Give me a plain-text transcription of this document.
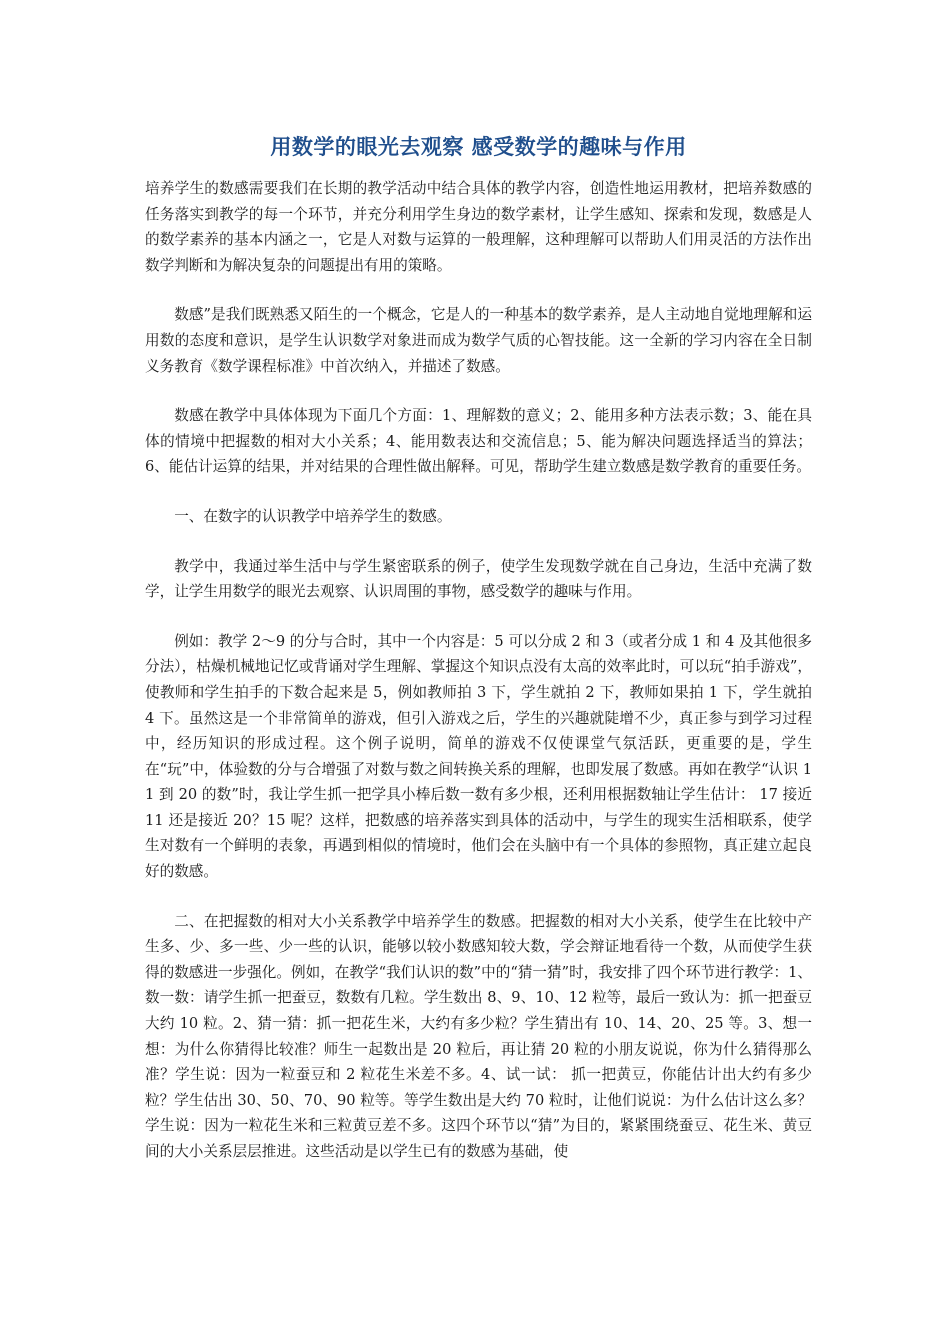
用数学的眼光去观察 感受数学的趣味与作用

培养学生的数感需要我们在长期的教学活动中结合具体的教学内容，创造性地运用教材，把培养数感的任务落实到教学的每一个环节，并充分利用学生身边的数学素材，让学生感知、探索和发现，数感是人的数学素养的基本内涵之一，它是人对数与运算的一般理解，这种理解可以帮助人们用灵活的方法作出数学判断和为解决复杂的问题提出有用的策略。

数感”是我们既熟悉又陌生的一个概念，它是人的一种基本的数学素养，是人主动地自觉地理解和运用数的态度和意识，是学生认识数学对象进而成为数学气质的心智技能。这一全新的学习内容在全日制义务教育《数学课程标准》中首次纳入，并描述了数感。

数感在教学中具体体现为下面几个方面：1、理解数的意义；2、能用多种方法表示数；3、能在具体的情境中把握数的相对大小关系；4、能用数表达和交流信息；5、能为解决问题选择适当的算法；6、能估计运算的结果，并对结果的合理性做出解释。可见，帮助学生建立数感是数学教育的重要任务。

一、在数字的认识教学中培养学生的数感。

教学中，我通过举生活中与学生紧密联系的例子，使学生发现数学就在自己身边，生活中充满了数学，让学生用数学的眼光去观察、认识周围的事物，感受数学的趣味与作用。

例如：教学 2～9 的分与合时，其中一个内容是：5 可以分成 2 和 3（或者分成 1 和 4 及其他很多分法），枯燥机械地记忆或背诵对学生理解、掌握这个知识点没有太高的效率此时，可以玩“拍手游戏”，使教师和学生拍手的下数合起来是 5，例如教师拍 3 下，学生就拍 2 下，教师如果拍 1 下，学生就拍 4 下。虽然这是一个非常简单的游戏，但引入游戏之后，学生的兴趣就陡增不少，真正参与到学习过程中，经历知识的形成过程。这个例子说明，简单的游戏不仅使课堂气氛活跃，更重要的是，学生在“玩”中，体验数的分与合增强了对数与数之间转换关系的理解，也即发展了数感。再如在教学“认识 11 到 20 的数”时，我让学生抓一把学具小棒后数一数有多少根，还利用根据数轴让学生估计： 17 接近 11 还是接近 20？15 呢？这样，把数感的培养落实到具体的活动中，与学生的现实生活相联系，使学生对数有一个鲜明的表象，再遇到相似的情境时，他们会在头脑中有一个具体的参照物，真正建立起良好的数感。

二、在把握数的相对大小关系教学中培养学生的数感。把握数的相对大小关系，使学生在比较中产生多、少、多一些、少一些的认识，能够以较小数感知较大数，学会辩证地看待一个数，从而使学生获得的数感进一步强化。例如，在教学“我们认识的数”中的“猜一猜”时，我安排了四个环节进行教学：1、数一数：请学生抓一把蚕豆，数数有几粒。学生数出 8、9、10、12 粒等，最后一致认为：抓一把蚕豆大约 10 粒。2、猜一猜：抓一把花生米，大约有多少粒？学生猜出有 10、14、20、25 等。3、想一想：为什么你猜得比较准？师生一起数出是 20 粒后，再让猜 20 粒的小朋友说说，你为什么猜得那么准？学生说：因为一粒蚕豆和 2 粒花生米差不多。4、试一试： 抓一把黄豆，你能估计出大约有多少粒？学生估出 30、50、70、90 粒等。等学生数出是大约 70 粒时，让他们说说：为什么估计这么多？学生说：因为一粒花生米和三粒黄豆差不多。这四个环节以“猜”为目的，紧紧围绕蚕豆、花生米、黄豆间的大小关系层层推进。这些活动是以学生已有的数感为基础，使
